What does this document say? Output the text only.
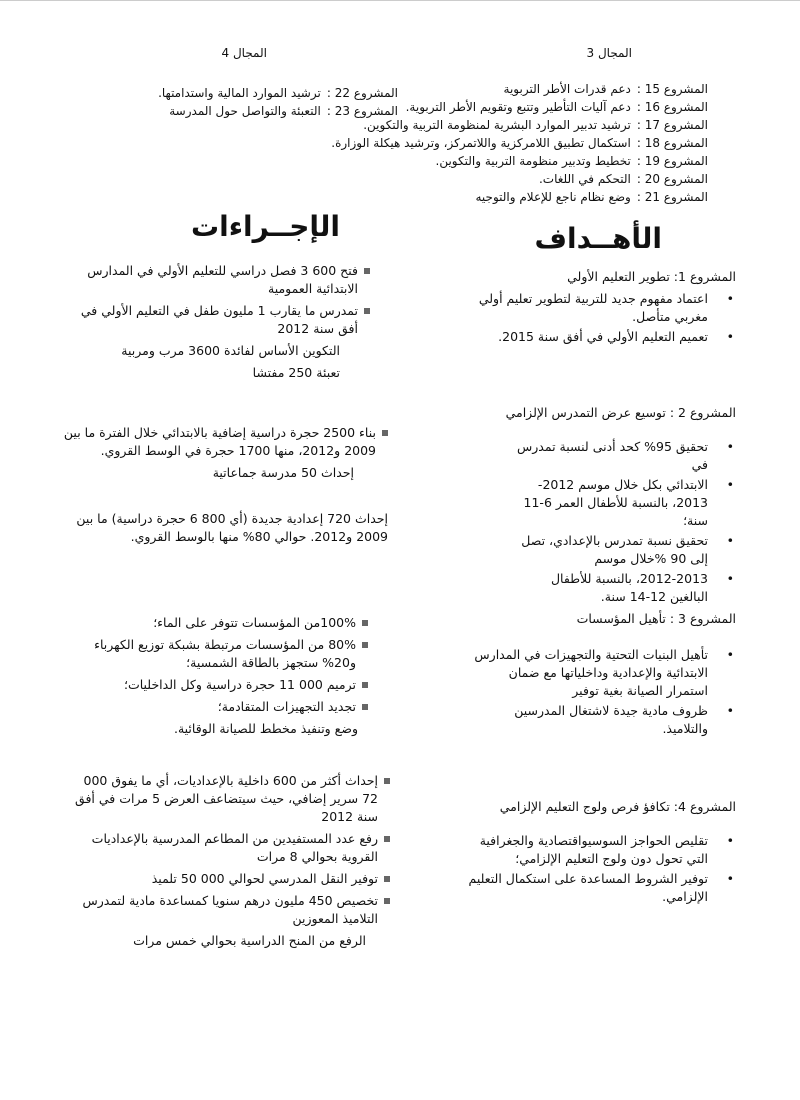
المجال 3
المشروع 15 :
دعم قدرات الأطر التربوية
المشروع 16 :
دعم آليات التأطير وتتبع وتقويم الأطر التربوية.
المشروع 17 :
ترشيد تدبير الموارد البشرية لمنظومة التربية والتكوين.
المشروع 18 :
استكمال تطبيق اللامركزية واللاتمركز، وترشيد هيكلة الوزارة.
المشروع 19 :
تخطيط وتدبير منظومة التربية والتكوين.
المشروع 20 :
التحكم في اللغات.
المشروع 21 :
وضع نظام ناجع للإعلام والتوجيه
المجال 4
المشروع 22 :
ترشيد الموارد المالية واستدامتها.
المشروع 23 :
التعبئة والتواصل حول المدرسة
الأهــداف
الإجــراءات
المشروع 1: تطوير التعليم الأولي
• اعتماد مفهوم جديد للتربية لتطوير تعليم أولي مغربي متأصل.
• تعميم التعليم الأولي في أفق سنة 2015.
فتح 600 3 فصل دراسي للتعليم الأولي في المدارس الابتدائية العمومية
تمدرس ما يقارب 1 مليون طفل في التعليم الأولي في أفق سنة 2012
التكوين الأساس لفائدة 3600 مرب ومربية
تعبئة 250 مفتشا
المشروع 2 : توسيع عرض التمدرس الإلزامي
• تحقيق 95% كحد أدنى لنسبة تمدرس في
• الابتدائي بكل خلال موسم 2012-2013، بالنسبة للأطفال العمر 6-11 سنة؛
• تحقيق نسبة تمدرس بالإعدادي، تصل إلى 90 %خلال موسم
• 2012-2013، بالنسبة للأطفال البالغين 12-14 سنة.
بناء 2500 حجرة دراسية إضافية بالابتدائي خلال الفترة ما بين 2009 و2012، منها 1700 حجرة في الوسط القروي.
إحداث 50 مدرسة جماعاتية
إحداث 720 إعدادية جديدة (أي 800 6 حجرة دراسية) ما بين 2009 و2012. حوالي 80% منها بالوسط القروي.
المشروع 3 : تأهيل المؤسسات
• تأهيل البنيات التحتية والتجهيزات في المدارس الابتدائية والإعدادية وداخلياتها مع ضمان استمرار الصيانة بغية توفير
• ظروف مادية جيدة لاشتغال المدرسين والتلاميذ.
100%من المؤسسات تتوفر على الماء؛
80% من المؤسسات مرتبطة بشبكة توزيع الكهرباء و20% ستجهز بالطاقة الشمسية؛
ترميم 000 11 حجرة دراسية وكل الداخليات؛
تجديد التجهيزات المتقادمة؛
وضع وتنفيذ مخطط للصيانة الوقائية.
المشروع 4: تكافؤ فرص ولوج التعليم الإلزامي
• تقليص الحواجز السوسيواقتصادية والجغرافية التي تحول دون ولوج التعليم الإلزامي؛
• توفير الشروط المساعدة على استكمال التعليم الإلزامي.
إحداث أكثر من 600 داخلية بالإعداديات، أي ما يفوق 000 72 سرير إضافي، حيث سيتضاعف العرض 5 مرات في أفق سنة 2012
رفع عدد المستفيدين من المطاعم المدرسية بالإعداديات القروية بحوالي 8 مرات
توفير النقل المدرسي لحوالي 000 50 تلميذ
تخصيص 450 مليون درهم سنويا كمساعدة مادية لتمدرس التلاميذ المعوزين
الرفع من المنح الدراسية بحوالي خمس مرات
